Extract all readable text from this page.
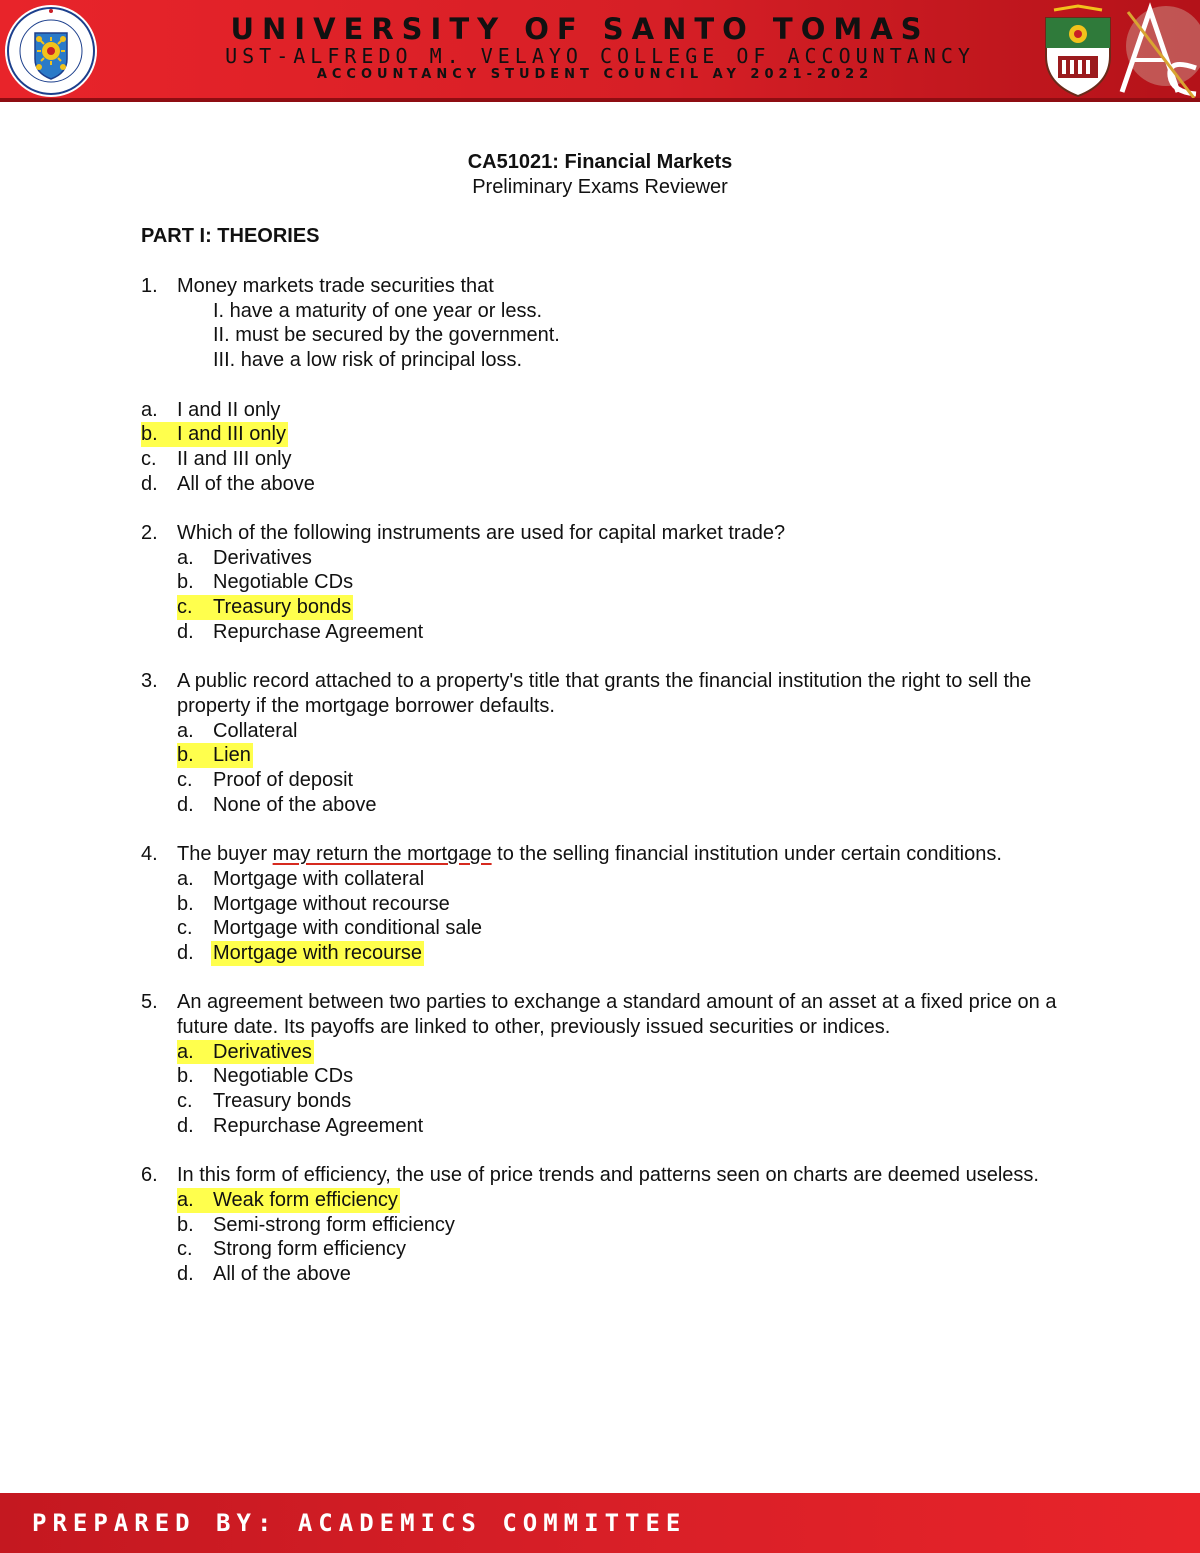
UNIVERSITY OF SANTO TOMAS
UST-ALFREDO M. VELAYO COLLEGE OF ACCOUNTANCY
ACCOUNTANCY STUDENT COUNCIL AY 2021-2022
CA51021: Financial Markets
Preliminary Exams Reviewer
PART I: THEORIES
1. Money markets trade securities that
I. have a maturity of one year or less.
II. must be secured by the government.
III. have a low risk of principal loss.
a. I and II only
b. I and III only
c. II and III only
d. All of the above
2. Which of the following instruments are used for capital market trade?
a. Derivatives
b. Negotiable CDs
c. Treasury bonds
d. Repurchase Agreement
3. A public record attached to a property's title that grants the financial institution the right to sell the property if the mortgage borrower defaults.
a. Collateral
b. Lien
c. Proof of deposit
d. None of the above
4. The buyer may return the mortgage to the selling financial institution under certain conditions.
a. Mortgage with collateral
b. Mortgage without recourse
c. Mortgage with conditional sale
d. Mortgage with recourse
5. An agreement between two parties to exchange a standard amount of an asset at a fixed price on a future date. Its payoffs are linked to other, previously issued securities or indices.
a. Derivatives
b. Negotiable CDs
c. Treasury bonds
d. Repurchase Agreement
6. In this form of efficiency, the use of price trends and patterns seen on charts are deemed useless.
a. Weak form efficiency
b. Semi-strong form efficiency
c. Strong form efficiency
d. All of the above
PREPARED BY: ACADEMICS COMMITTEE
